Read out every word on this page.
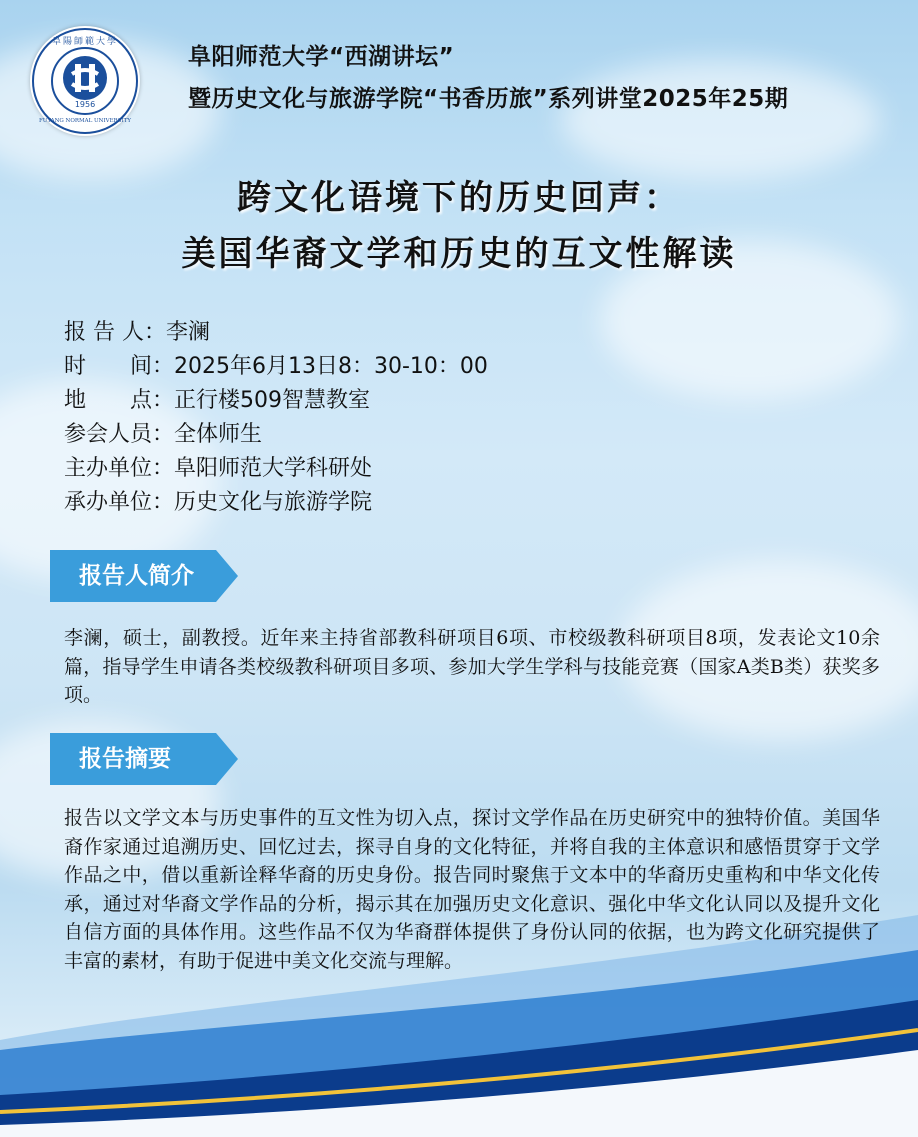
1956
阜陽師範大學
FUYANG NORMAL UNIVERSITY
阜阳师范大学“西湖讲坛”
暨历史文化与旅游学院“书香历旅”系列讲堂2025年25期
跨文化语境下的历史回声：
美国华裔文学和历史的互文性解读
报 告 人：李澜
时　　间：2025年6月13日8：30-10：00
地　　点：正行楼509智慧教室
参会人员：全体师生
主办单位：阜阳师范大学科研处
承办单位：历史文化与旅游学院
报告人简介
李澜，硕士，副教授。近年来主持省部教科研项目6项、市校级教科研项目8项，发表论文10余篇，指导学生申请各类校级教科研项目多项、参加大学生学科与技能竞赛（国家A类B类）获奖多项。
报告摘要
报告以文学文本与历史事件的互文性为切入点，探讨文学作品在历史研究中的独特价值。美国华裔作家通过追溯历史、回忆过去，探寻自身的文化特征，并将自我的主体意识和感悟贯穿于文学作品之中，借以重新诠释华裔的历史身份。报告同时聚焦于文本中的华裔历史重构和中华文化传承，通过对华裔文学作品的分析，揭示其在加强历史文化意识、强化中华文化认同以及提升文化自信方面的具体作用。这些作品不仅为华裔群体提供了身份认同的依据，也为跨文化研究提供了丰富的素材，有助于促进中美文化交流与理解。
